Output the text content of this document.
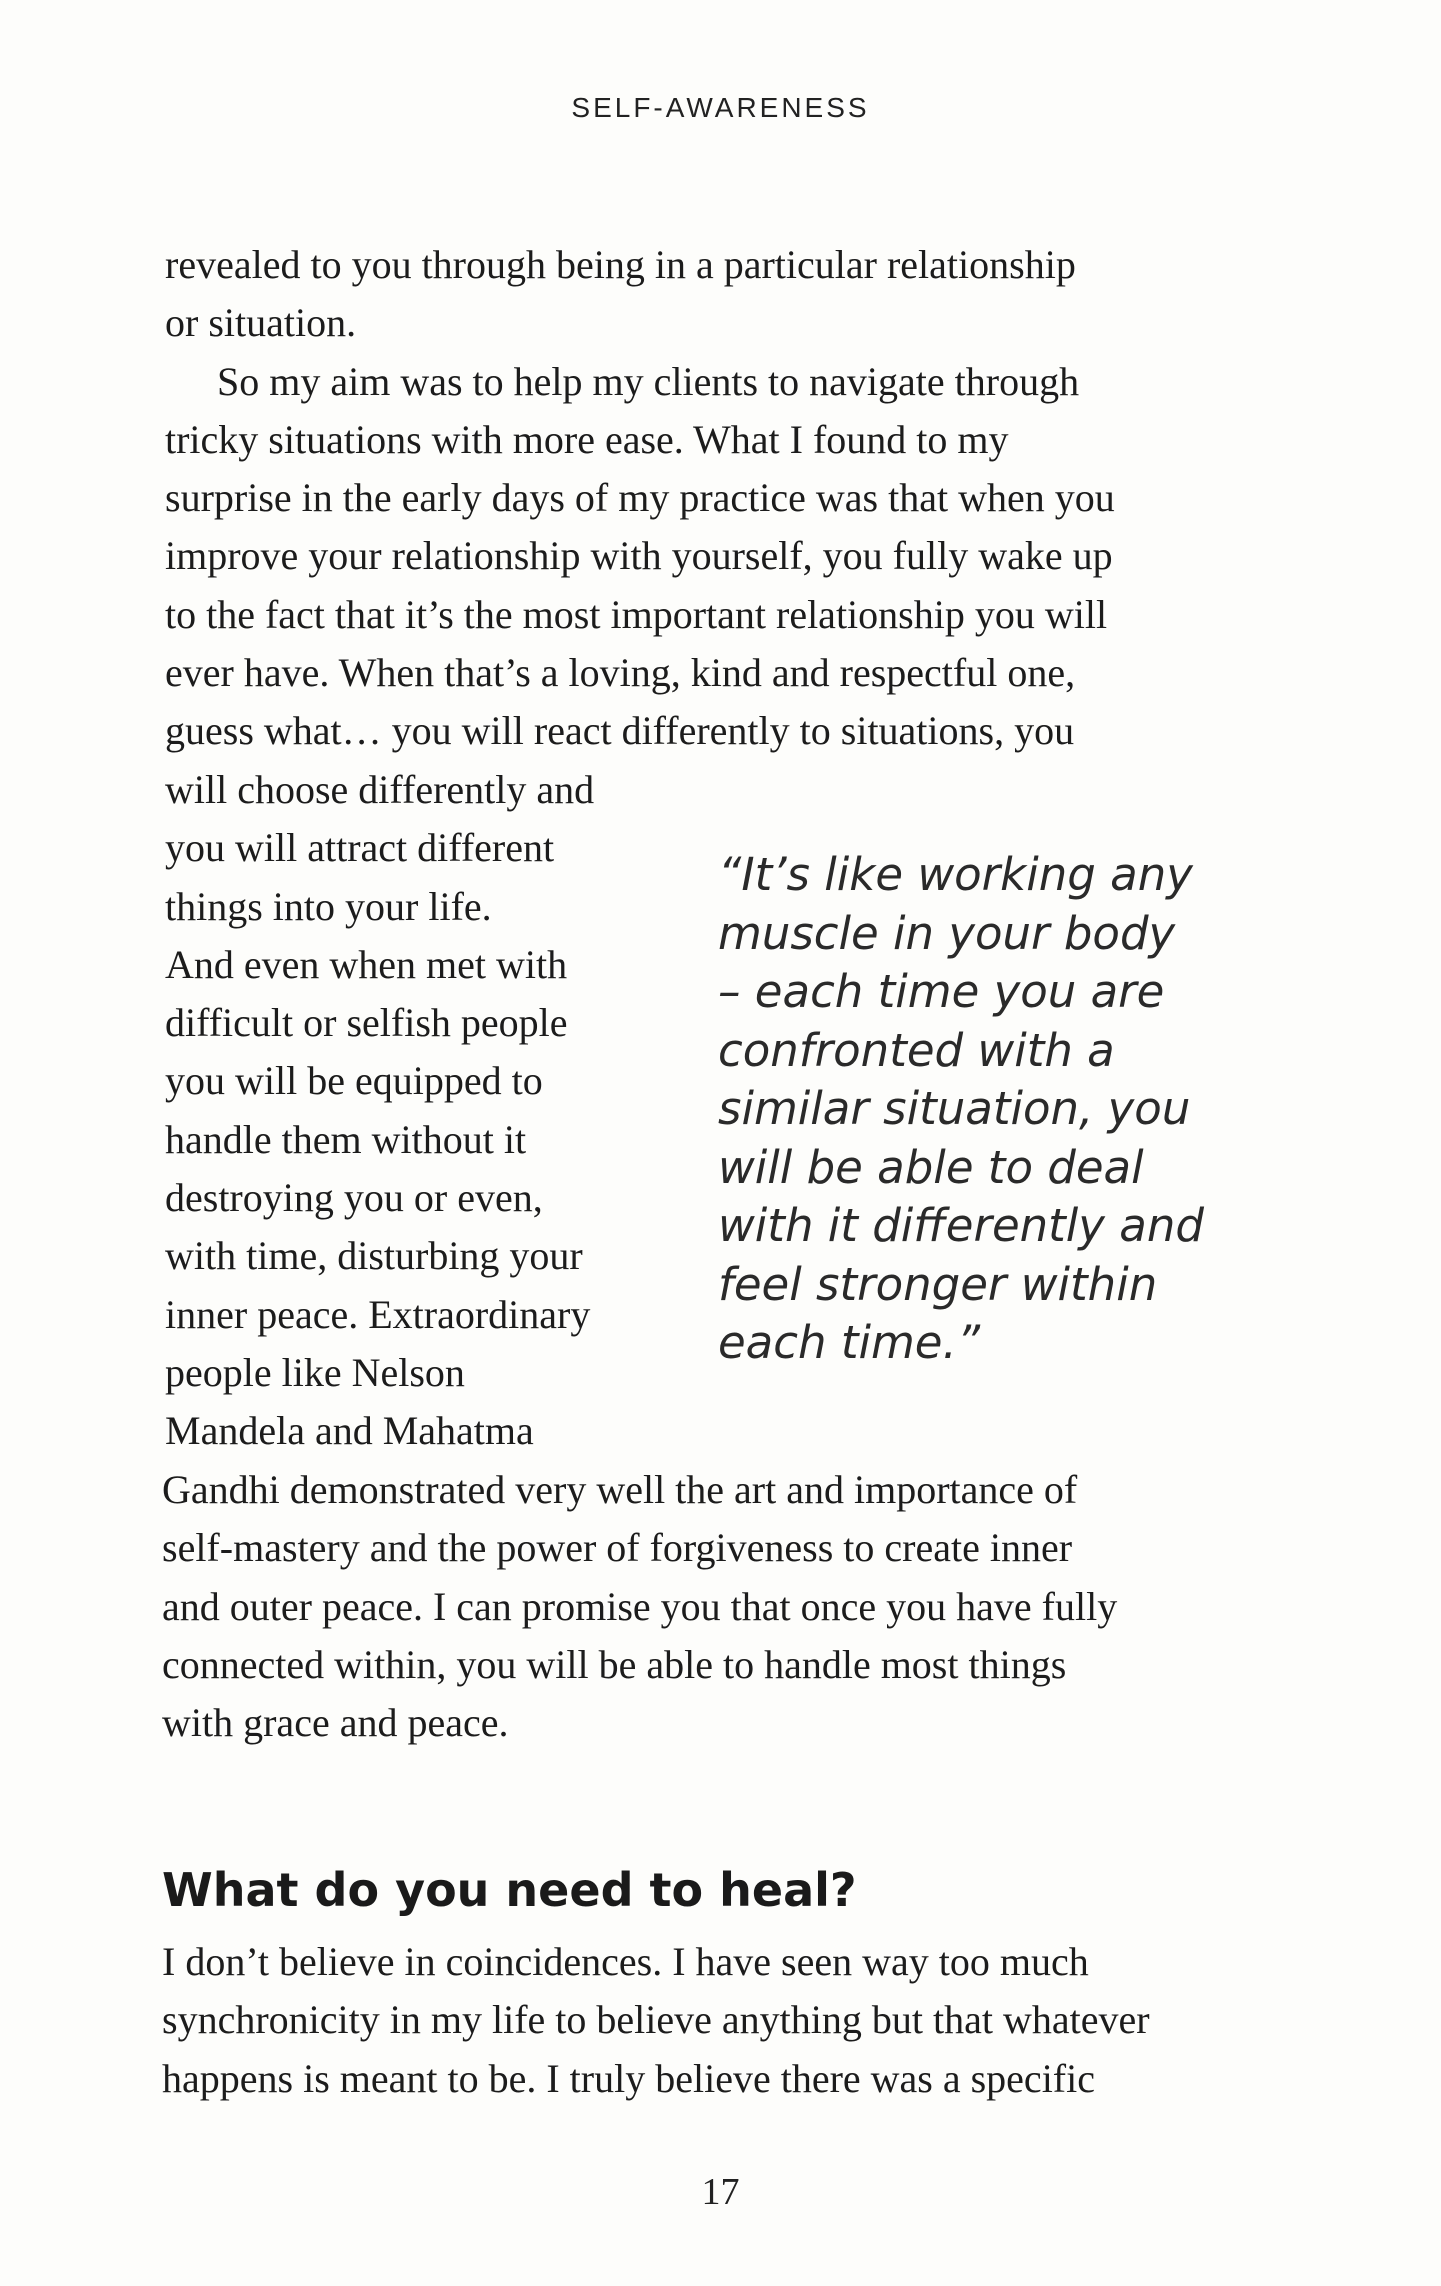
SELF-AWARENESS

revealed to you through being in a particular relationship

or situation.

So my aim was to help my clients to navigate through

tricky situations with more ease. What I found to my

surprise in the early days of my practice was that when you

improve your relationship with yourself, you fully wake up

to the fact that it’s the most important relationship you will

ever have. When that’s a loving, kind and respectful one,

guess what… you will react differently to situations, you

will choose differently and

you will attract different

things into your life.

And even when met with

difficult or selfish people

you will be equipped to

handle them without it

destroying you or even,

with time, disturbing your

inner peace. Extraordinary

people like Nelson

Mandela and Mahatma

“It’s like working any

muscle in your body

– each time you are

confronted with a

similar situation, you

will be able to deal

with it differently and

feel stronger within

each time.”

Gandhi demonstrated very well the art and importance of

self-mastery and the power of forgiveness to create inner

and outer peace. I can promise you that once you have fully

connected within, you will be able to handle most things

with grace and peace.

What do you need to heal?

I don’t believe in coincidences. I have seen way too much

synchronicity in my life to believe anything but that whatever

happens is meant to be. I truly believe there was a specific

17
